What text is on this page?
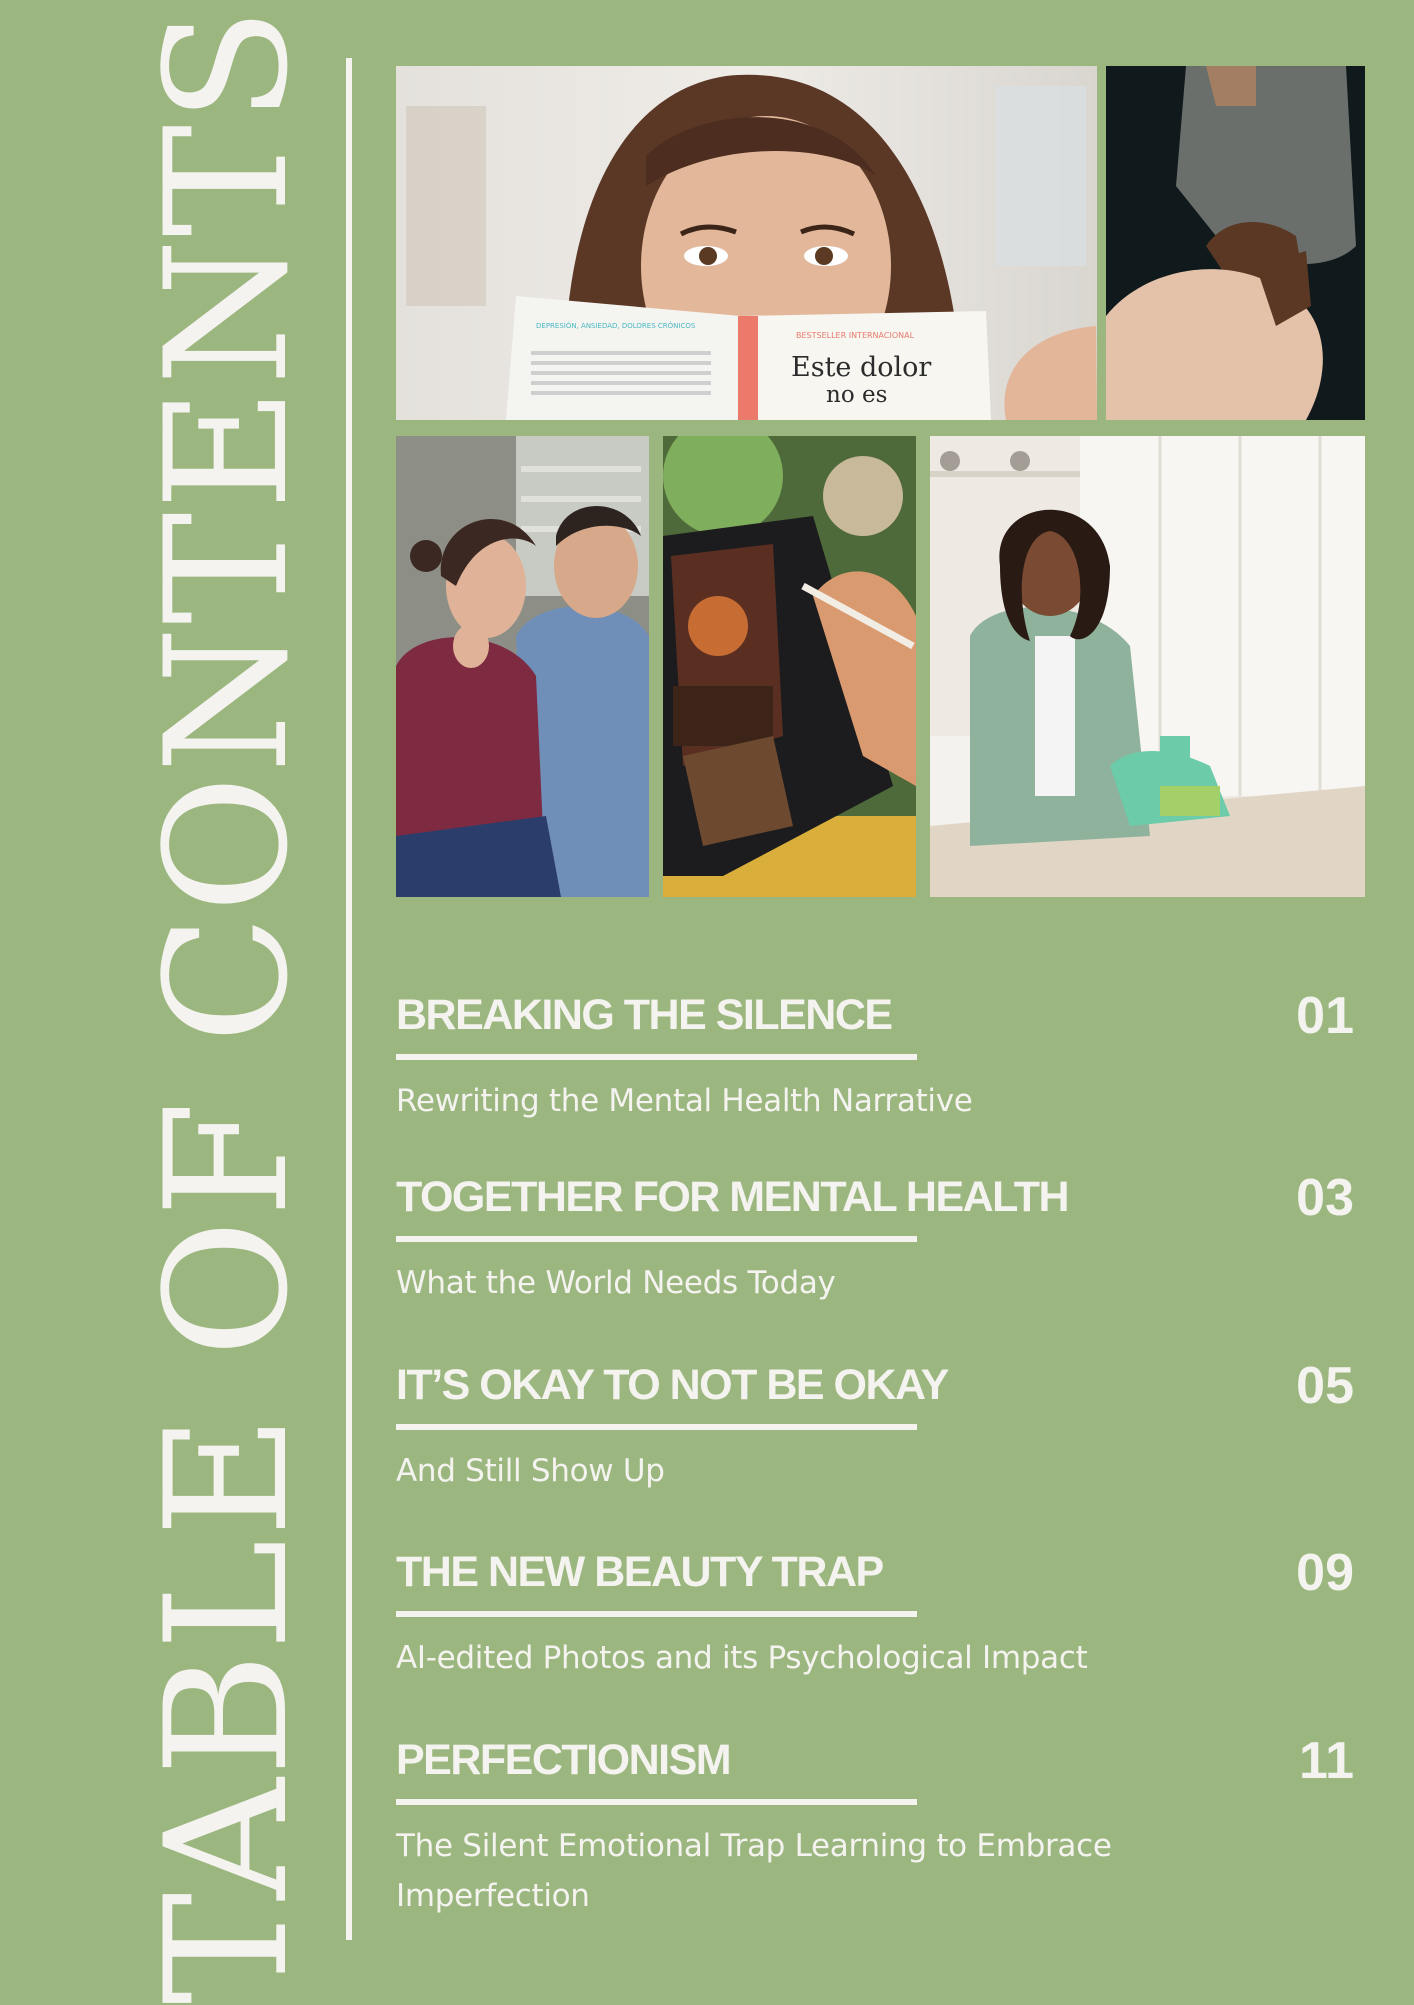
TABLE OF CONTENTS	DEPRESIÓN, ANSIEDAD, DOLORES CRÓNICOS
BESTSELLER INTERNACIONAL
Este dolor
no es
BREAKING THE SILENCE
Rewriting the Mental Health Narrative
01
TOGETHER FOR MENTAL HEALTH
What the World Needs Today
03
IT’S OKAY TO NOT BE OKAY
And Still Show Up
05
THE NEW BEAUTY TRAP
AI-edited Photos and its Psychological Impact
09
PERFECTIONISM
The Silent Emotional Trap Learning to Embrace Imperfection
11
